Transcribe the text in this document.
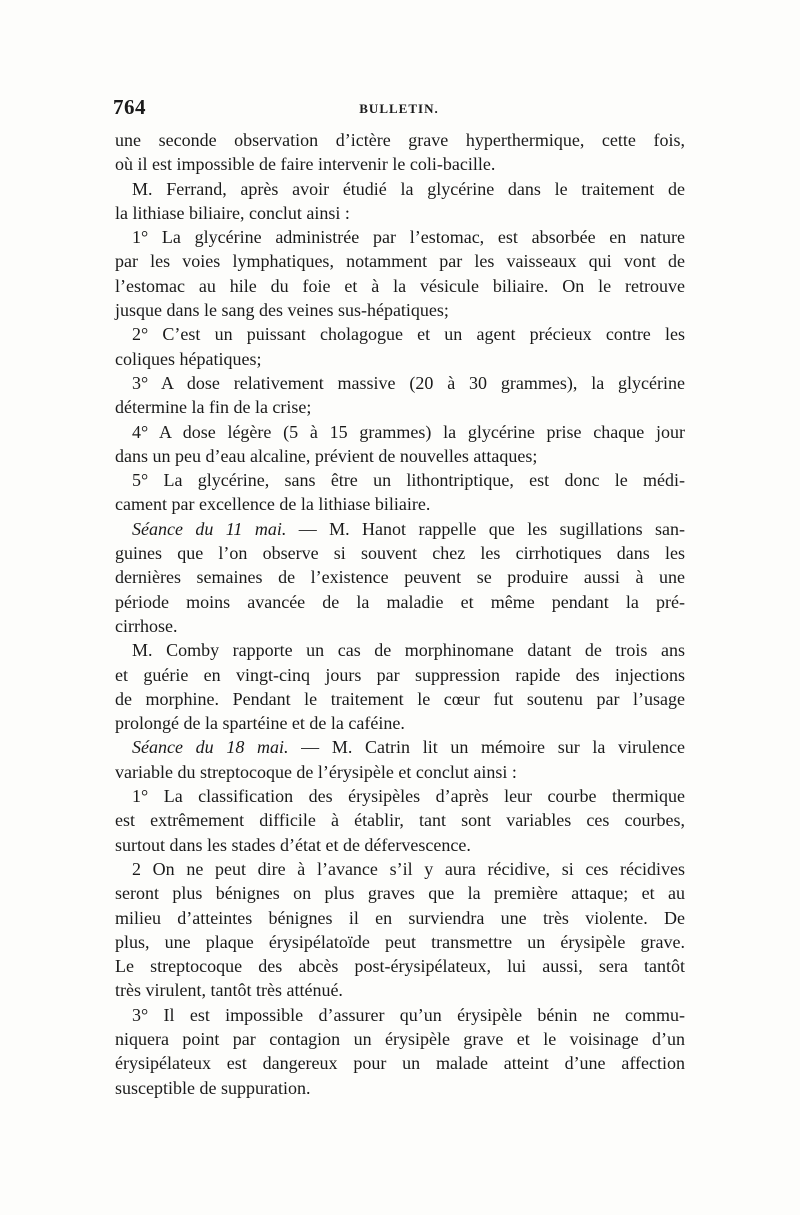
764	BULLETIN.
une seconde observation d’ictère grave hyperthermique, cette fois,
où il est impossible de faire intervenir le coli-bacille.
M. Ferrand, après avoir étudié la glycérine dans le traitement de
la lithiase biliaire, conclut ainsi :
1° La glycérine administrée par l’estomac, est absorbée en nature
par les voies lymphatiques, notamment par les vaisseaux qui vont de
l’estomac au hile du foie et à la vésicule biliaire. On le retrouve
jusque dans le sang des veines sus-hépatiques;
2° C’est un puissant cholagogue et un agent précieux contre les
coliques hépatiques;
3° A dose relativement massive (20 à 30 grammes), la glycérine
détermine la fin de la crise;
4° A dose légère (5 à 15 grammes) la glycérine prise chaque jour
dans un peu d’eau alcaline, prévient de nouvelles attaques;
5° La glycérine, sans être un lithontriptique, est donc le médi-
cament par excellence de la lithiase biliaire.
Séance du 11 mai. — M. Hanot rappelle que les sugillations san-
guines que l’on observe si souvent chez les cirrhotiques dans les
dernières semaines de l’existence peuvent se produire aussi à une
période moins avancée de la maladie et même pendant la pré-
cirrhose.
M. Comby rapporte un cas de morphinomane datant de trois ans
et guérie en vingt-cinq jours par suppression rapide des injections
de morphine. Pendant le traitement le cœur fut soutenu par l’usage
prolongé de la spartéine et de la caféine.
Séance du 18 mai. — M. Catrin lit un mémoire sur la virulence
variable du streptocoque de l’érysipèle et conclut ainsi :
1° La classification des érysipèles d’après leur courbe thermique
est extrêmement difficile à établir, tant sont variables ces courbes,
surtout dans les stades d’état et de défervescence.
2 On ne peut dire à l’avance s’il y aura récidive, si ces récidives
seront plus bénignes on plus graves que la première attaque; et au
milieu d’atteintes bénignes il en surviendra une très violente. De
plus, une plaque érysipélatoïde peut transmettre un érysipèle grave.
Le streptocoque des abcès post-érysipélateux, lui aussi, sera tantôt
très virulent, tantôt très atténué.
3° Il est impossible d’assurer qu’un érysipèle bénin ne commu-
niquera point par contagion un érysipèle grave et le voisinage d’un
érysipélateux est dangereux pour un malade atteint d’une affection
susceptible de suppuration.
